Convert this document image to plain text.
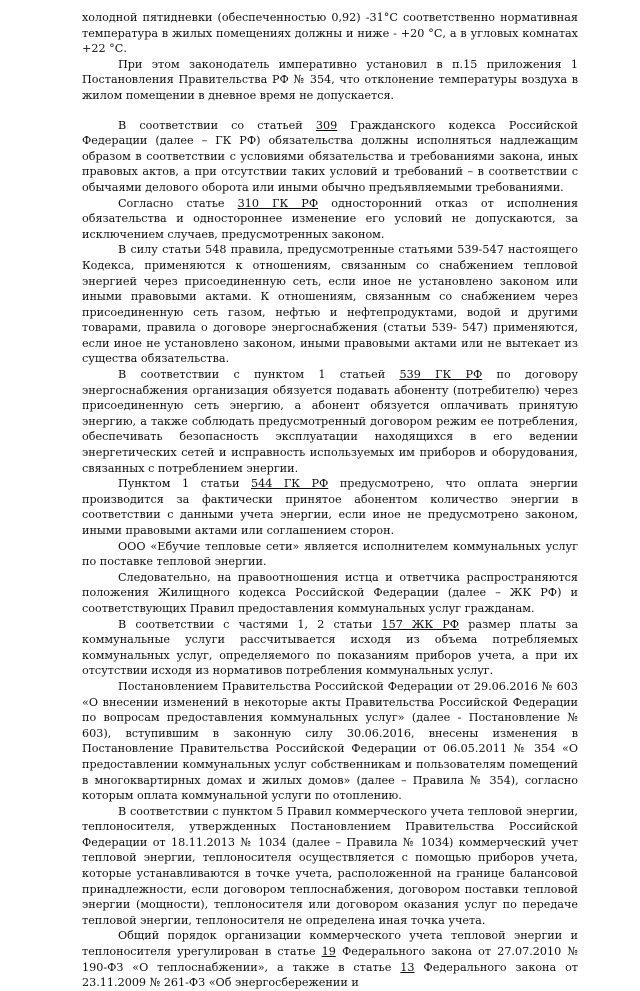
холодной пятидневки (обеспеченностью 0,92) -31°С соответственно нормативная температура в жилых помещениях должны и ниже - +20 °С, а в угловых комнатах +22 °С.

При этом законодатель императивно установил в п.15 приложения 1 Постановления Правительства РФ № 354, что отклонение температуры воздуха в жилом помещении в дневное время не допускается.

В соответствии со статьей 309 Гражданского кодекса Российской Федерации (далее – ГК РФ) обязательства должны исполняться надлежащим образом в соответствии с условиями обязательства и требованиями закона, иных правовых актов, а при отсутствии таких условий и требований – в соответствии с обычаями делового оборота или иными обычно предъявляемыми требованиями.

Согласно статье 310 ГК РФ односторонний отказ от исполнения обязательства и одностороннее изменение его условий не допускаются, за исключением случаев, предусмотренных законом.

В силу статьи 548 правила, предусмотренные статьями 539-547 настоящего Кодекса, применяются к отношениям, связанным со снабжением тепловой энергией через присоединенную сеть, если иное не установлено законом или иными правовыми актами. К отношениям, связанным со снабжением через присоединенную сеть газом, нефтью и нефтепродуктами, водой и другими товарами, правила о договоре энергоснабжения (статьи 539- 547) применяются, если иное не установлено законом, иными правовыми актами или не вытекает из существа обязательства.

В соответствии с пунктом 1 статьей 539 ГК РФ по договору энергоснабжения организация обязуется подавать абоненту (потребителю) через присоединенную сеть энергию, а абонент обязуется оплачивать принятую энергию, а также соблюдать предусмотренный договором режим ее потребления, обеспечивать безопасность эксплуатации находящихся в его ведении энергетических сетей и исправность используемых им приборов и оборудования, связанных с потреблением энергии.

Пунктом 1 статьи 544 ГК РФ предусмотрено, что оплата энергии производится за фактически принятое абонентом количество энергии в соответствии с данными учета энергии, если иное не предусмотрено законом, иными правовыми актами или соглашением сторон.

ООО «Ебучие тепловые сети» является исполнителем коммунальных услуг по поставке тепловой энергии.

Следовательно, на правоотношения истца и ответчика распространяются положения Жилищного кодекса Российской Федерации (далее – ЖК РФ) и соответствующих Правил предоставления коммунальных услуг гражданам.

В соответствии с частями 1, 2 статьи 157 ЖК РФ размер платы за коммунальные услуги рассчитывается исходя из объема потребляемых коммунальных услуг, определяемого по показаниям приборов учета, а при их отсутствии исходя из нормативов потребления коммунальных услуг.

Постановлением Правительства Российской Федерации от 29.06.2016 № 603 «О внесении изменений в некоторые акты Правительства Российской Федерации по вопросам предоставления коммунальных услуг» (далее - Постановление № 603), вступившим в законную силу 30.06.2016, внесены изменения в Постановление Правительства Российской Федерации от 06.05.2011 № 354 «О предоставлении коммунальных услуг собственникам и пользователям помещений в многоквартирных домах и жилых домов» (далее – Правила № 354), согласно которым оплата коммунальной услуги по отоплению.

В соответствии с пунктом 5 Правил коммерческого учета тепловой энергии, теплоносителя, утвержденных Постановлением Правительства Российской Федерации от 18.11.2013 № 1034 (далее – Правила № 1034) коммерческий учет тепловой энергии, теплоносителя осуществляется с помощью приборов учета, которые устанавливаются в точке учета, расположенной на границе балансовой принадлежности, если договором теплоснабжения, договором поставки тепловой энергии (мощности), теплоносителя или договором оказания услуг по передаче тепловой энергии, теплоносителя не определена иная точка учета.

Общий порядок организации коммерческого учета тепловой энергии и теплоносителя урегулирован в статье 19 Федерального закона от 27.07.2010 № 190-ФЗ «О теплоснабжении», а также в статье 13 Федерального закона от 23.11.2009 № 261-ФЗ «Об энергосбережении и
